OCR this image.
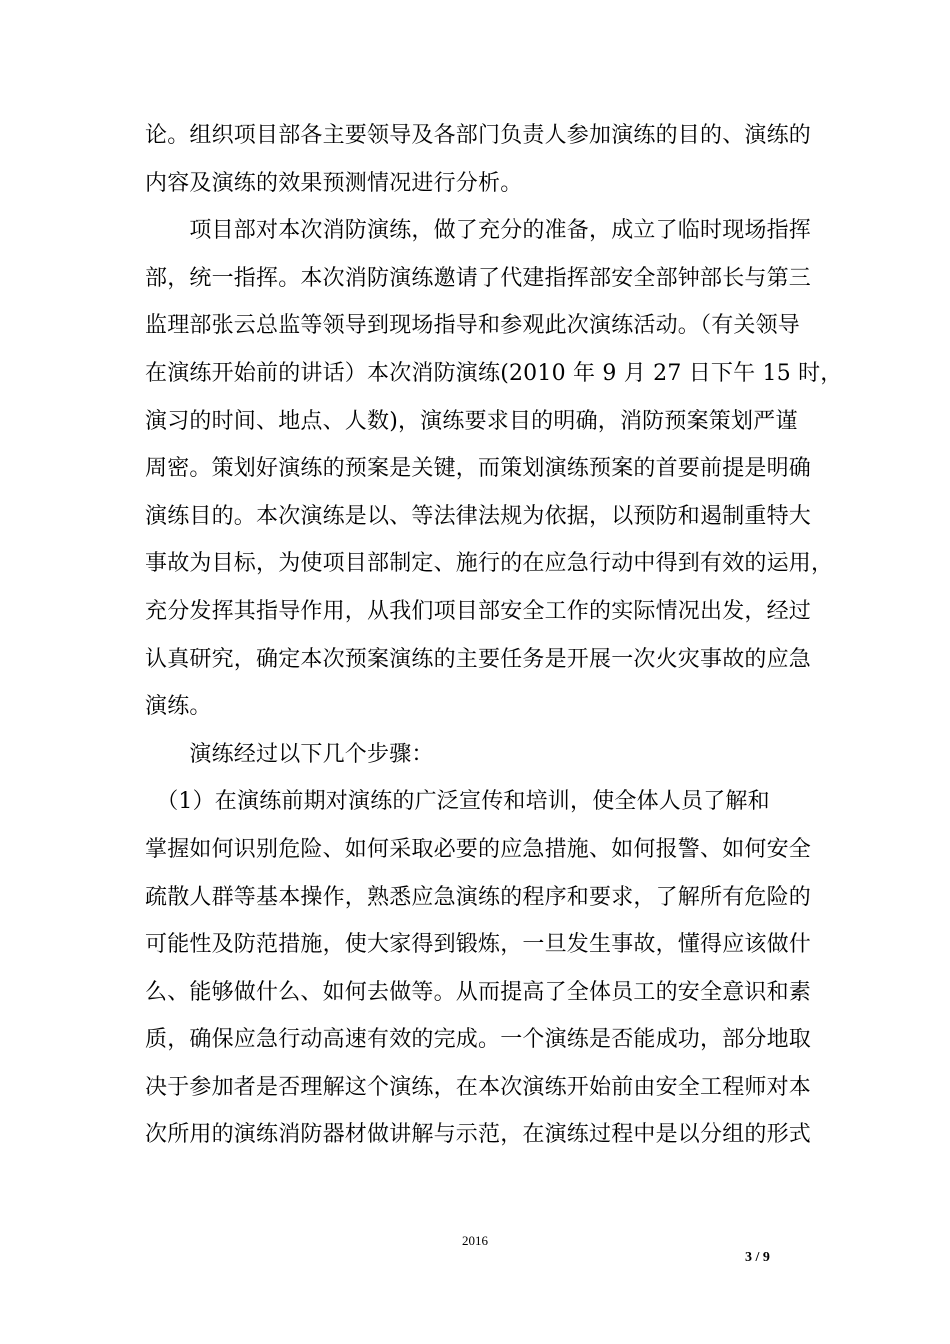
论。组织项目部各主要领导及各部门负责人参加演练的目的、演练的
内容及演练的效果预测情况进行分析。
　　项目部对本次消防演练，做了充分的准备，成立了临时现场指挥
部，统一指挥。本次消防演练邀请了代建指挥部安全部钟部长与第三
监理部张云总监等领导到现场指导和参观此次演练活动。（有关领导
在演练开始前的讲话）本次消防演练(2010 年 9 月 27 日下午 15 时，
演习的时间、地点、人数)，演练要求目的明确，消防预案策划严谨
周密。策划好演练的预案是关键，而策划演练预案的首要前提是明确
演练目的。本次演练是以、等法律法规为依据，以预防和遏制重特大
事故为目标，为使项目部制定、施行的在应急行动中得到有效的运用，
充分发挥其指导作用，从我们项目部安全工作的实际情况出发，经过
认真研究，确定本次预案演练的主要任务是开展一次火灾事故的应急
演练。
　　演练经过以下几个步骤：
　（1）在演练前期对演练的广泛宣传和培训，使全体人员了解和
掌握如何识别危险、如何采取必要的应急措施、如何报警、如何安全
疏散人群等基本操作，熟悉应急演练的程序和要求，了解所有危险的
可能性及防范措施，使大家得到锻炼，一旦发生事故，懂得应该做什
么、能够做什么、如何去做等。从而提高了全体员工的安全意识和素
质，确保应急行动高速有效的完成。一个演练是否能成功，部分地取
决于参加者是否理解这个演练，在本次演练开始前由安全工程师对本
次所用的演练消防器材做讲解与示范，在演练过程中是以分组的形式
2016
3 / 9
